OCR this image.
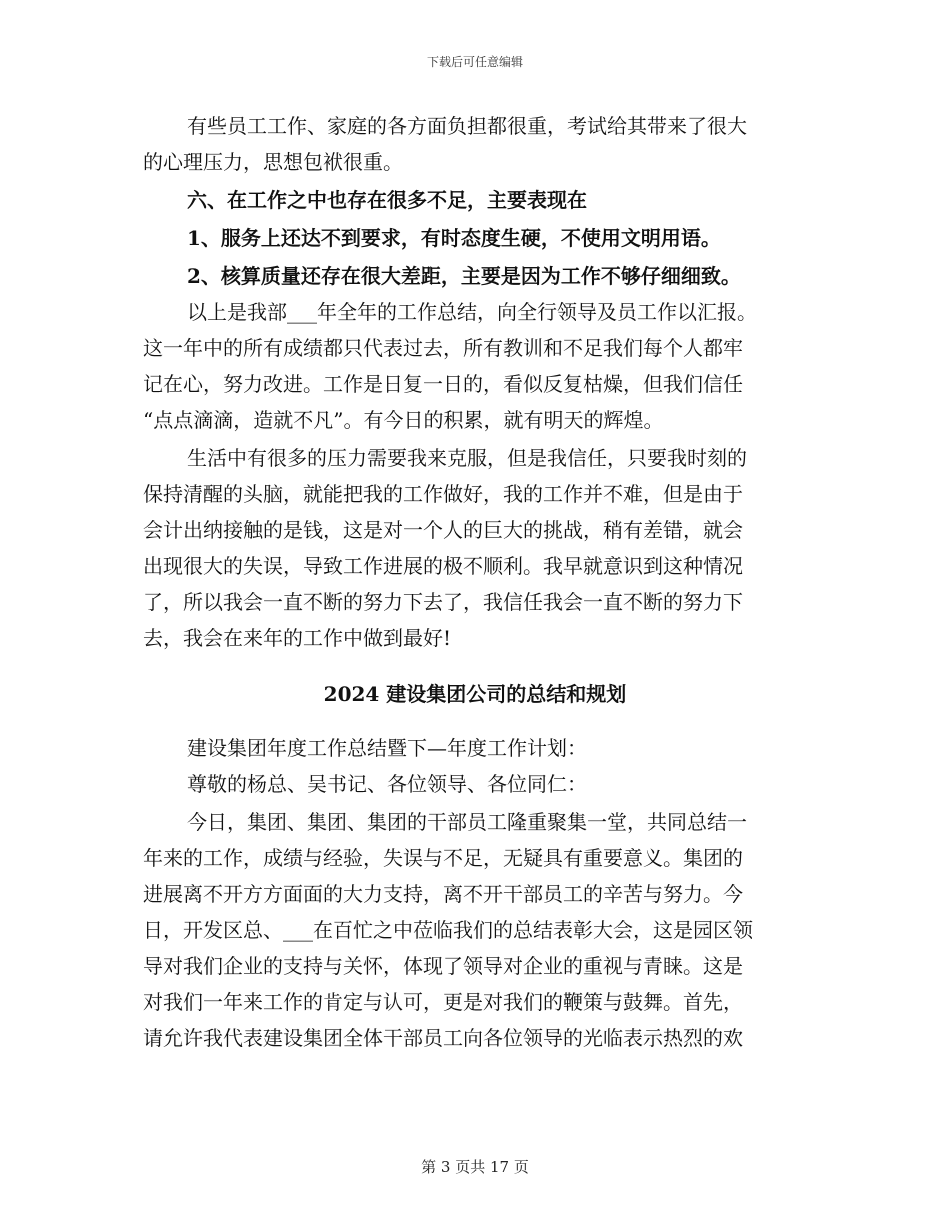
下载后可任意编辑
有些员工工作、家庭的各方面负担都很重，考试给其带来了很大
的心理压力，思想包袱很重。
六、在工作之中也存在很多不足，主要表现在
1、服务上还达不到要求，有时态度生硬，不使用文明用语。
2、核算质量还存在很大差距，主要是因为工作不够仔细细致。
以上是我部___年全年的工作总结，向全行领导及员工作以汇报。
这一年中的所有成绩都只代表过去，所有教训和不足我们每个人都牢
记在心，努力改进。工作是日复一日的，看似反复枯燥，但我们信任
“点点滴滴，造就不凡”。有今日的积累，就有明天的辉煌。
生活中有很多的压力需要我来克服，但是我信任，只要我时刻的
保持清醒的头脑，就能把我的工作做好，我的工作并不难，但是由于
会计出纳接触的是钱，这是对一个人的巨大的挑战，稍有差错，就会
出现很大的失误，导致工作进展的极不顺利。我早就意识到这种情况
了，所以我会一直不断的努力下去了，我信任我会一直不断的努力下
去，我会在来年的工作中做到最好!
2024 建设集团公司的总结和规划
建设集团年度工作总结暨下—年度工作计划：
尊敬的杨总、吴书记、各位领导、各位同仁：
今日，集团、集团、集团的干部员工隆重聚集一堂，共同总结一
年来的工作，成绩与经验，失误与不足，无疑具有重要意义。集团的
进展离不开方方面面的大力支持，离不开干部员工的辛苦与努力。今
日，开发区总、___在百忙之中莅临我们的总结表彰大会，这是园区领
导对我们企业的支持与关怀，体现了领导对企业的重视与青睐。这是
对我们一年来工作的肯定与认可，更是对我们的鞭策与鼓舞。首先，
请允许我代表建设集团全体干部员工向各位领导的光临表示热烈的欢
第 3 页共 17 页
